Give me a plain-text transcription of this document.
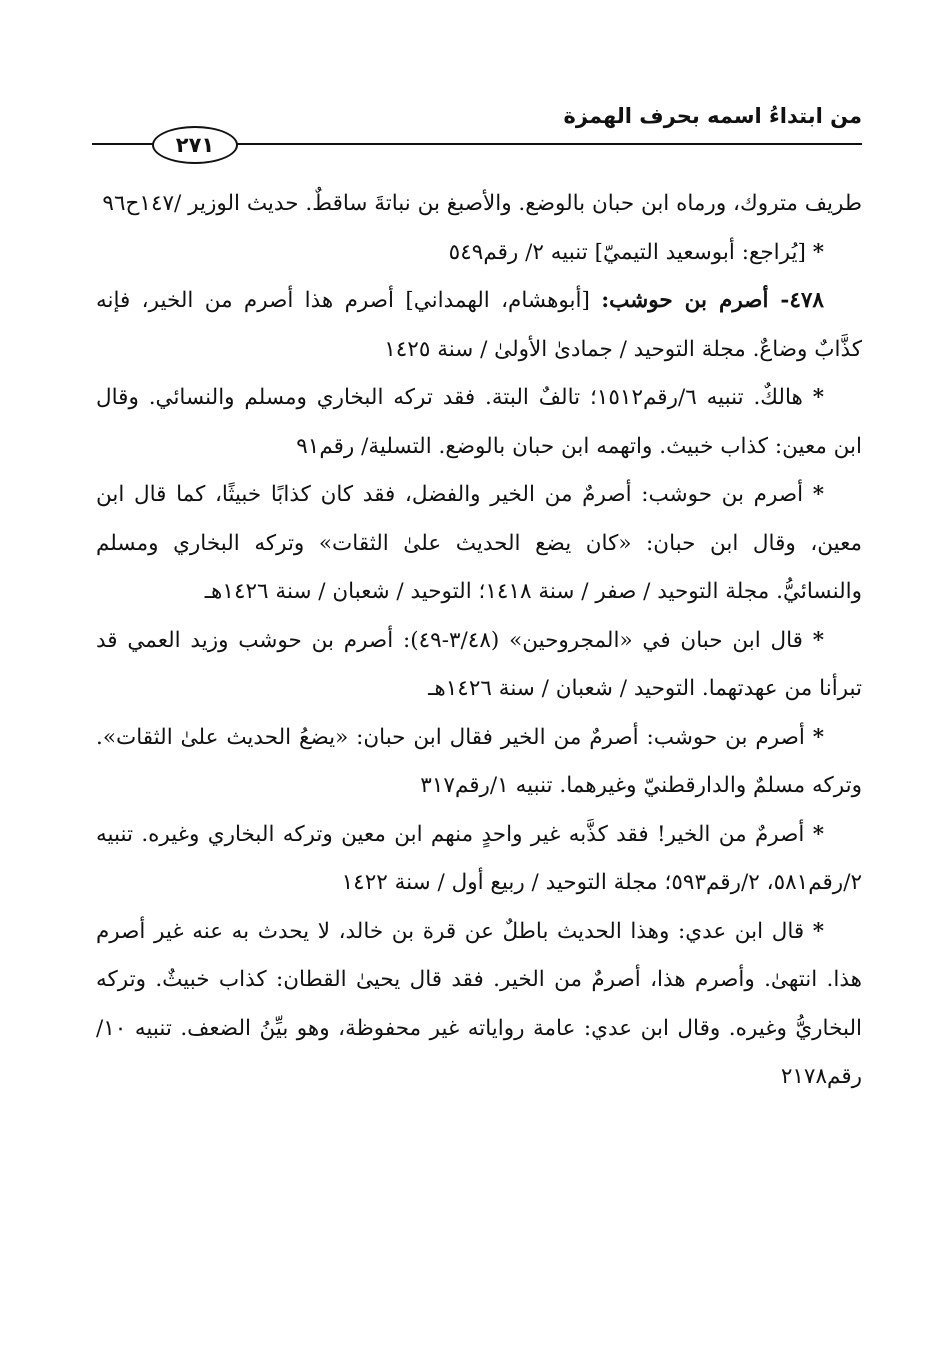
من ابتداءُ اسمه بحرف الهمزة
٢٧١

طريف متروك، ورماه ابن حبان بالوضع. والأصبغ بن نباتةَ ساقطٌ. حديث الوزير /١٤٧ح٩٦

* [يُراجع: أبوسعيد التيميّ] تنبيه ٢/ رقم٥٤٩

٤٧٨- أصرم بن حوشب: [أبوهشام، الهمداني] أصرم هذا أصرم من الخير، فإنه كذَّابٌ وضاعٌ. مجلة التوحيد / جمادىٰ الأولىٰ / سنة ١٤٢٥

* هالكٌ. تنبيه ٦/رقم١٥١٢؛ تالفٌ البتة. فقد تركه البخاري ومسلم والنسائي. وقال ابن معين: كذاب خبيث. واتهمه ابن حبان بالوضع. التسلية/ رقم٩١

* أصرم بن حوشب: أصرمٌ من الخير والفضل، فقد كان كذابًا خبيثًا، كما قال ابن معين، وقال ابن حبان: «كان يضع الحديث علىٰ الثقات» وتركه البخاري ومسلم والنسائيُّ. مجلة التوحيد / صفر / سنة ١٤١٨؛ التوحيد / شعبان / سنة ١٤٢٦هـ

* قال ابن حبان في «المجروحين» (٣/٤٨-٤٩): أصرم بن حوشب وزيد العمي قد تبرأنا من عهدتهما. التوحيد / شعبان / سنة ١٤٢٦هـ

* أصرم بن حوشب: أصرمٌ من الخير فقال ابن حبان: «يضعُ الحديث علىٰ الثقات». وتركه مسلمٌ والدارقطنيّ وغيرهما. تنبيه ١/رقم٣١٧

* أصرمٌ من الخير! فقد كذَّبه غير واحدٍ منهم ابن معين وتركه البخاري وغيره. تنبيه ٢/رقم٥٨١، ٢/رقم٥٩٣؛ مجلة التوحيد / ربيع أول / سنة ١٤٢٢

* قال ابن عدي: وهذا الحديث باطلٌ عن قرة بن خالد، لا يحدث به عنه غير أصرم هذا. انتهىٰ. وأصرم هذا، أصرمٌ من الخير. فقد قال يحيىٰ القطان: كذاب خبيثٌ. وتركه البخاريُّ وغيره. وقال ابن عدي: عامة رواياته غير محفوظة، وهو بيِّنُ الضعف. تنبيه ١٠/ رقم٢١٧٨
